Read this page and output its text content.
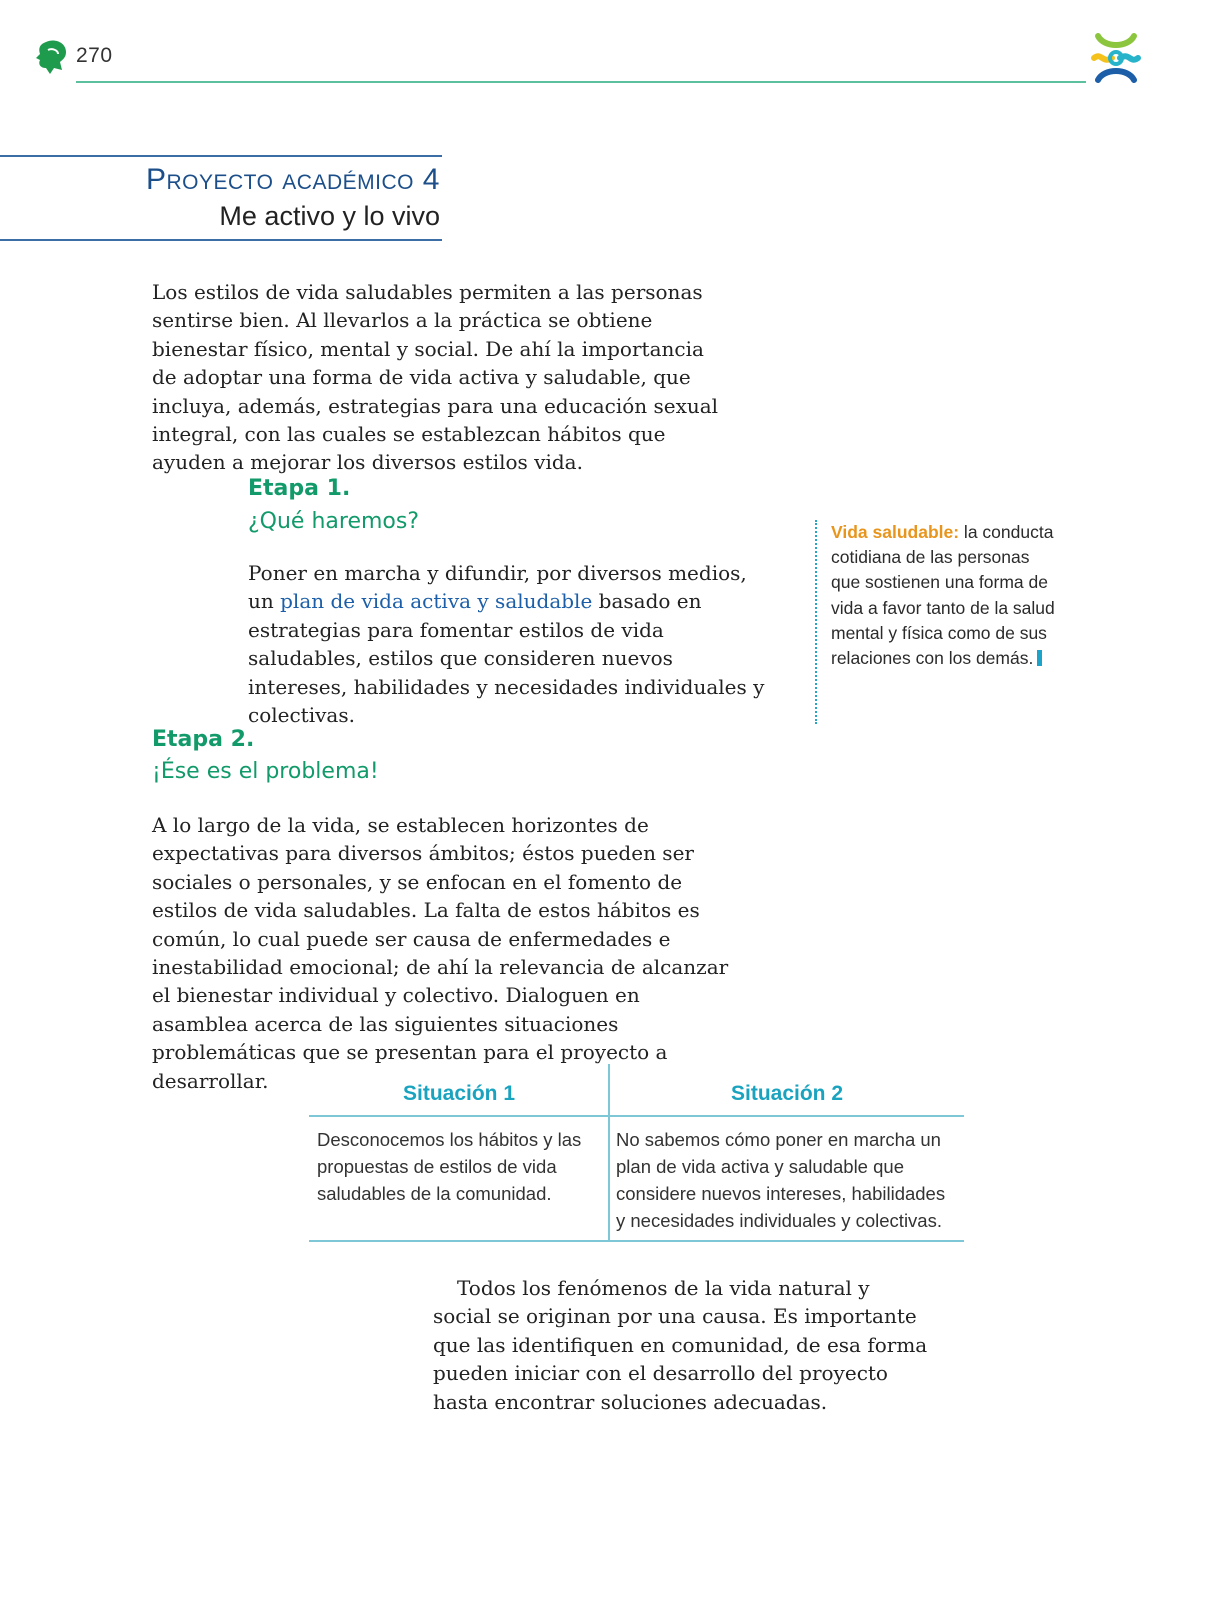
270
Proyecto académico 4
Me activo y lo vivo

Los estilos de vida saludables permiten a las personas sentirse bien. Al llevarlos a la práctica se obtiene bienestar físico, mental y social. De ahí la importancia de adoptar una forma de vida activa y saludable, que incluya, además, estrategias para una educación sexual integral, con las cuales se establezcan hábitos que ayuden a mejorar los diversos estilos vida.

Etapa 1.
¿Qué haremos?

Poner en marcha y difundir, por diversos medios, un plan de vida activa y saludable basado en estrategias para fomentar estilos de vida saludables, estilos que consideren nuevos intereses, habilidades y necesidades individuales y colectivas.

Vida saludable: la conducta cotidiana de las personas que sostienen una forma de vida a favor tanto de la salud mental y física como de sus relaciones con los demás.
Etapa 2.
¡Ése es el problema!

A lo largo de la vida, se establecen horizontes de expectativas para diversos ámbitos; éstos pueden ser sociales o personales, y se enfocan en el fomento de estilos de vida saludables. La falta de estos hábitos es común, lo cual puede ser causa de enfermedades e inestabilidad emocional; de ahí la relevancia de alcanzar el bienestar individual y colectivo. Dialoguen en asamblea acerca de las siguientes situaciones problemáticas que se presentan para el proyecto a desarrollar.

Situación 1	Situación 2
Desconocemos los hábitos y las propuestas de estilos de vida saludables de la comunidad.
No sabemos cómo poner en marcha un plan de vida activa y saludable que considere nuevos intereses, habilidades y necesidades individuales y colectivas.

Todos los fenómenos de la vida natural y social se originan por una causa. Es importante que las identifiquen en comunidad, de esa forma pueden iniciar con el desarrollo del proyecto hasta encontrar soluciones adecuadas.
